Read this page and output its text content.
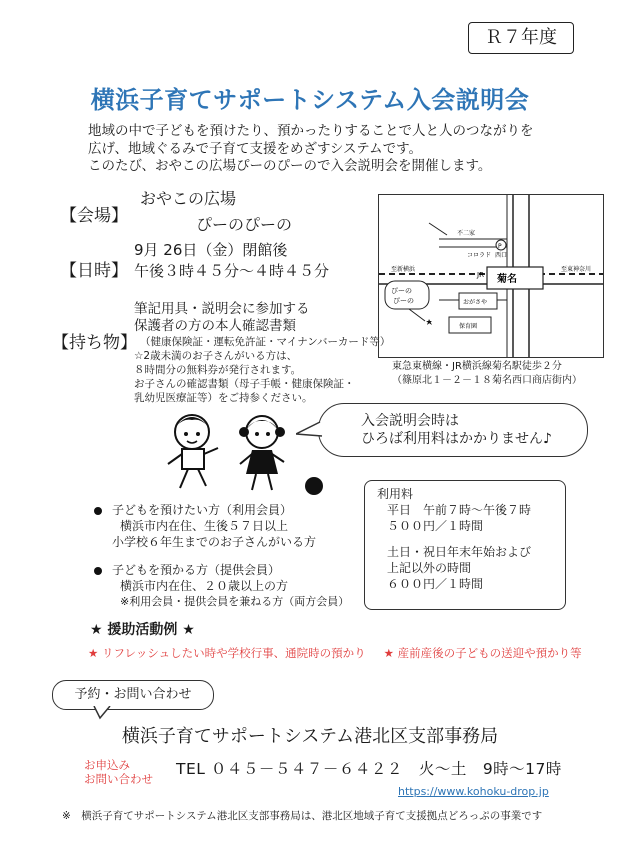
Ｒ７年度
横浜子育てサポートシステム入会説明会
地域の中で子どもを預けたり、預かったりすることで人と人のつながりを
広げ、地域ぐるみで子育て支援をめざすシステムです。
このたび、おやこの広場ぴーのぴーので入会説明会を開催します。
【会場】
おやこの広場
ぴーのぴーの
【日時】
9月 26日（金）閉館後
午後３時４５分～４時４５分
【持ち物】
筆記用具・説明会に参加する
保護者の方の本人確認書類
（健康保険証・運転免許証・マイナンバーカード等）
☆2歳未満のお子さんがいる方は、
８時間分の無料券が発行されます。
お子さんの確認書類（母子手帳・健康保険証・
乳幼児医療証等）をご持参ください。
至新横浜	至東神奈川
菊名
JR
不二家
コロラド 西口
P
おがさや
保育園
ぴーの
ぴーの
東急東横線・JR横浜線菊名駅徒歩２分
（篠原北１－２－１８菊名西口商店街内）
入会説明会時は
ひろば利用料はかかりません♪
利用料
平日　午前７時～午後７時
５００円／１時間
土日・祝日年末年始および
上記以外の時間
６００円／１時間
子どもを預けたい方（利用会員）
横浜市内在住、生後５７日以上
小学校６年生までのお子さんがいる方
子どもを預かる方（提供会員）
横浜市内在住、２０歳以上の方
※利用会員・提供会員を兼ねる方（両方会員）
★ 援助活動例 ★
★ リフレッシュしたい時や学校行事、通院時の預かり ★ 産前産後の子どもの送迎や預かり等
予約・お問い合わせ
横浜子育てサポートシステム港北区支部事務局
お申込み
お問い合わせ
TEL ０４５－５４７－６４２２　火～土　9時～17時
https://www.kohoku-drop.jp
※　横浜子育てサポートシステム港北区支部事務局は、港北区地域子育て支援拠点どろっぷの事業です
